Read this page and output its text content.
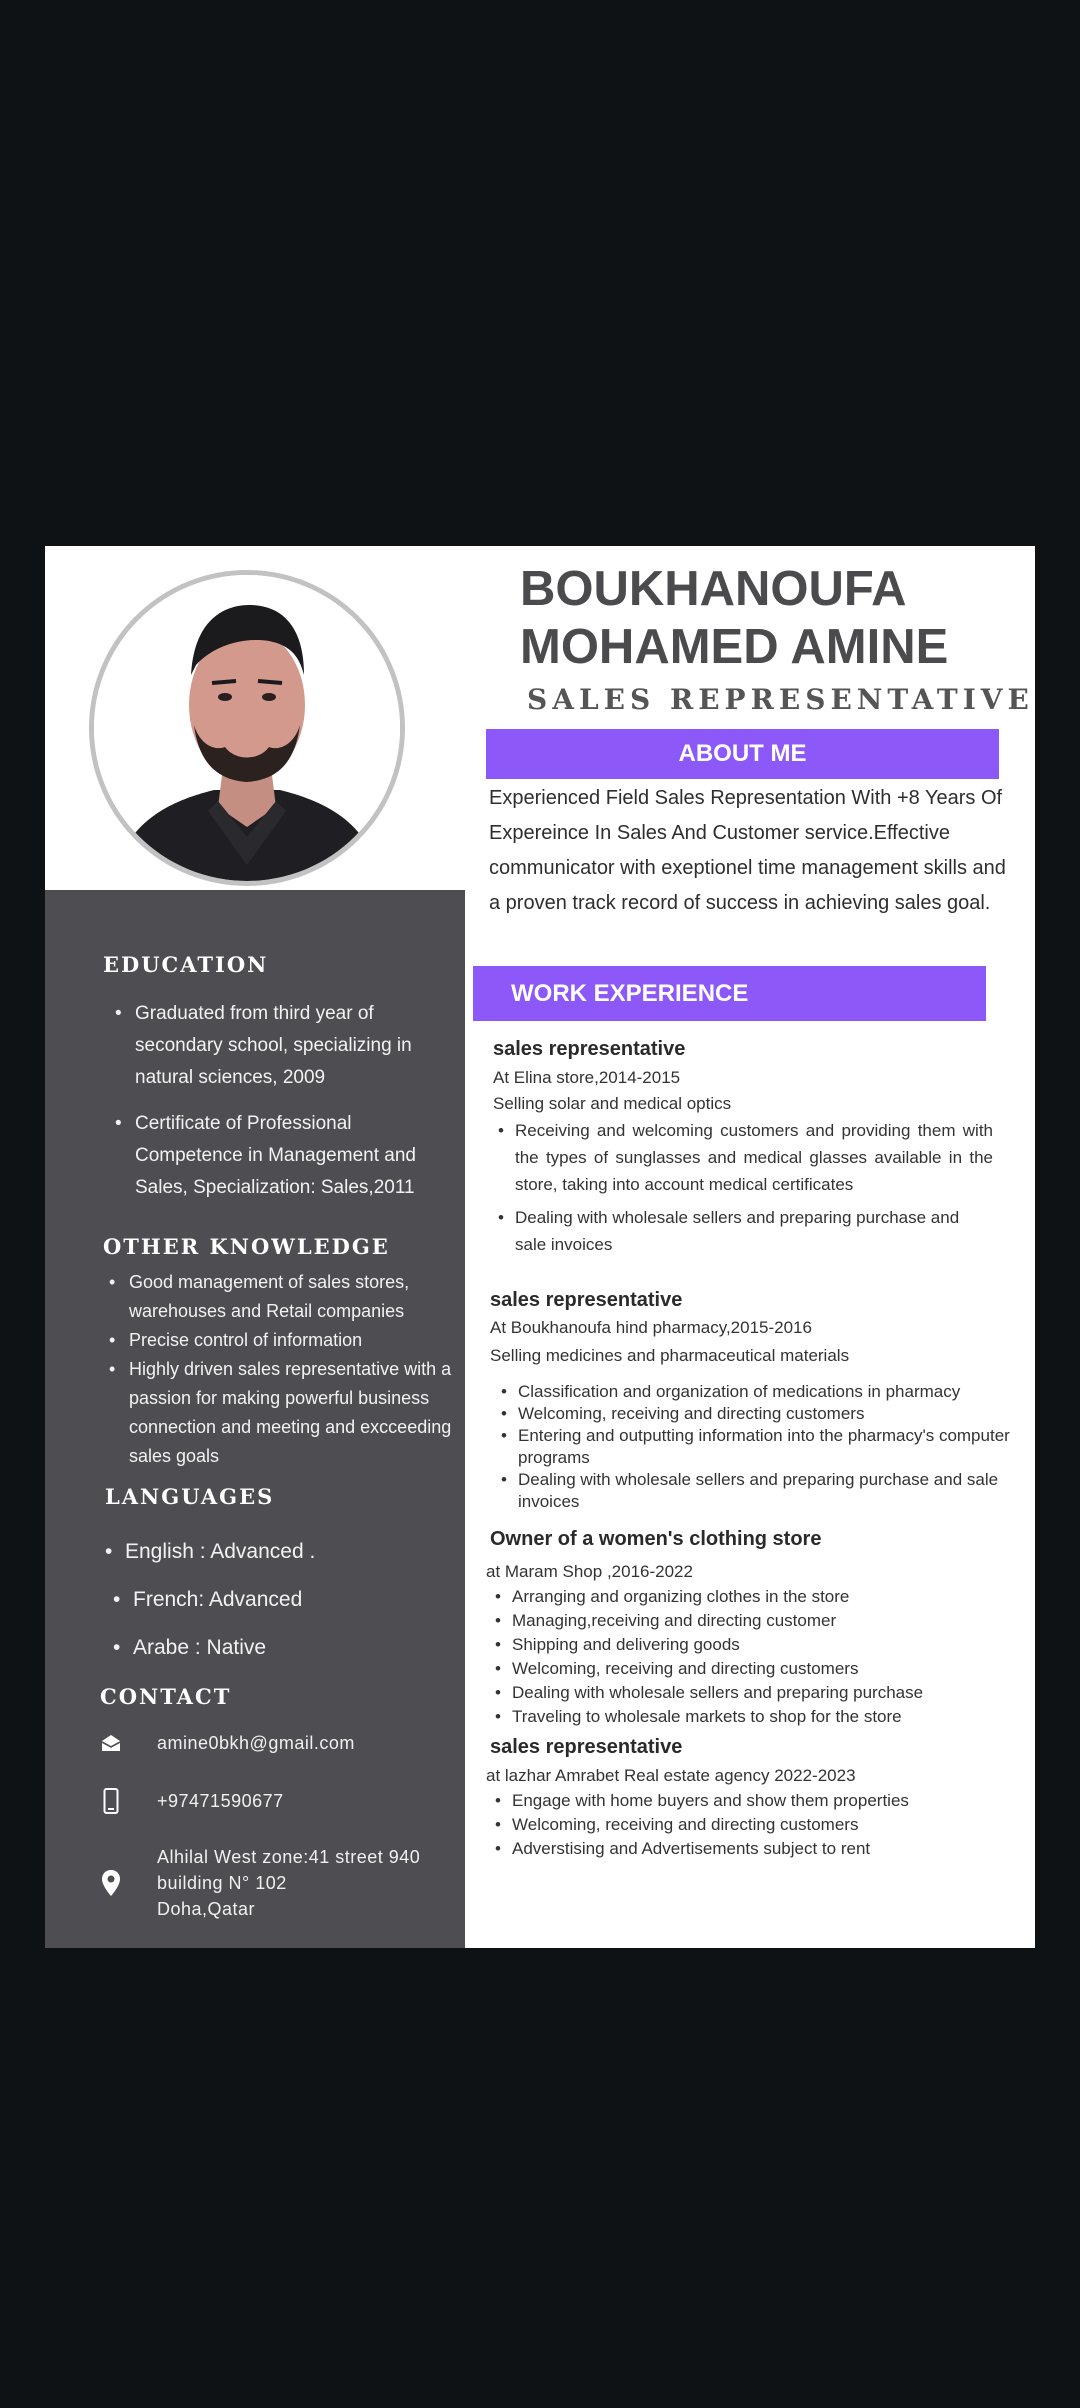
BOUKHANOUFA
MOHAMED AMINE
SALES REPRESENTATIVE
ABOUT ME
Experienced Field Sales Representation With +8 Years Of Expereince In Sales And Customer service.Effective communicator with exeptionel time management skills and a proven track record of success in achieving sales goal.
WORK EXPERIENCE
sales representative
At Elina store,2014-2015
Selling solar and medical optics
• Receiving and welcoming customers and providing them with the types of sunglasses and medical glasses available in the store, taking into account medical certificates
• Dealing with wholesale sellers and preparing purchase and sale invoices
sales representative
At Boukhanoufa hind pharmacy,2015-2016
Selling medicines and pharmaceutical materials
• Classification and organization of medications in pharmacy
• Welcoming, receiving and directing customers
• Entering and outputting information into the pharmacy's computer programs
• Dealing with wholesale sellers and preparing purchase and sale invoices
Owner of a women's clothing store
at Maram Shop ,2016-2022
• Arranging and organizing clothes in the store
• Managing,receiving and directing customer
• Shipping and delivering goods
• Welcoming, receiving and directing customers
• Dealing with wholesale sellers and preparing purchase
• Traveling to wholesale markets to shop for the store
sales representative
at lazhar Amrabet Real estate agency 2022-2023
• Engage with home buyers and show them properties
• Welcoming, receiving and directing customers
• Adverstising and Advertisements subject to rent
EDUCATION
• Graduated from third year of secondary school, specializing in natural sciences, 2009
• Certificate of Professional Competence in Management and Sales, Specialization: Sales,2011
OTHER KNOWLEDGE
• Good management of sales stores, warehouses and Retail companies
• Precise control of information
• Highly driven sales representative with a passion for making powerful business connection and meeting and excceeding sales goals
LANGUAGES
• English : Advanced .
• French: Advanced
• Arabe : Native
CONTACT
amine0bkh@gmail.com
+97471590677
Alhilal West zone:41 street 940
building N° 102
Doha,Qatar
